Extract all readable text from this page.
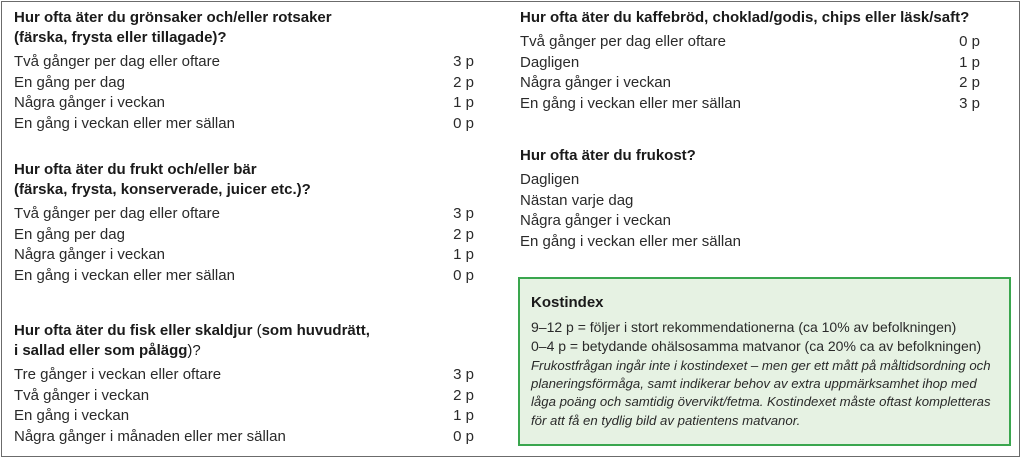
Hur ofta äter du grönsaker och/eller rotsaker
(färska, frysta eller tillagade)?
Två gånger per dag eller oftare	3 p
En gång per dag	2 p
Några gånger i veckan	1 p
En gång i veckan eller mer sällan	0 p
Hur ofta äter du frukt och/eller bär
(färska, frysta, konserverade, juicer etc.)?
Två gånger per dag eller oftare	3 p
En gång per dag	2 p
Några gånger i veckan	1 p
En gång i veckan eller mer sällan	0 p
Hur ofta äter du fisk eller skaldjur (som huvudrätt,
i sallad eller som pålägg)?
Tre gånger i veckan eller oftare	3 p
Två gånger i veckan	2 p
En gång i veckan	1 p
Några gånger i månaden eller mer sällan	0 p
Hur ofta äter du kaffebröd, choklad/godis, chips eller läsk/saft?
Två gånger per dag eller oftare	0 p
Dagligen	1 p
Några gånger i veckan	2 p
En gång i veckan eller mer sällan	3 p
Hur ofta äter du frukost?
Dagligen
Nästan varje dag
Några gånger i veckan
En gång i veckan eller mer sällan
Kostindex
9–12 p = följer i stort rekommendationerna (ca 10% av befolkningen)
0–4 p = betydande ohälsosamma matvanor (ca 20% ca av befolkningen)
Frukostfrågan ingår inte i kostindexet – men ger ett mått på måltidsordning och planeringsförmåga, samt indikerar behov av extra uppmärksamhet ihop med låga poäng och samtidig övervikt/fetma. Kostindexet måste oftast kompletteras för att få en tydlig bild av patientens matvanor.
